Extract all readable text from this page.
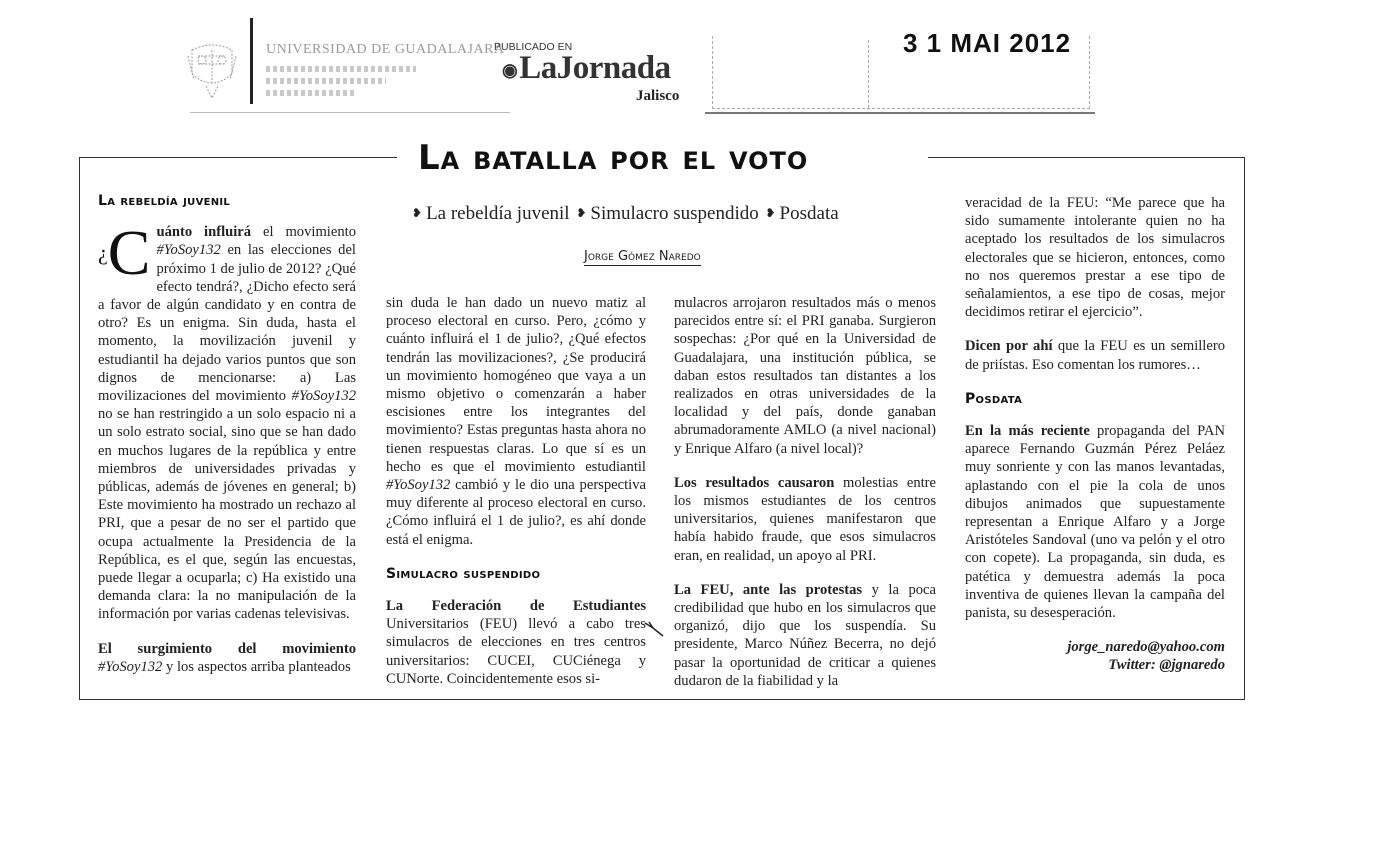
UNIVERSIDAD DE GUADALAJARA
PUBLICADO EN
◉LaJornada
Jalisco
3 1 MAI 2012
La batalla por el voto
❥ La rebeldía juvenil ❥ Simulacro suspendido ❥ Posdata
Jorge Gómez Naredo
La rebeldía juvenil

¿C uánto influirá el movimiento #YoSoy132 en las elecciones del próximo 1 de julio de 2012? ¿Qué efecto tendrá?, ¿Dicho efecto será a favor de algún candidato y en contra de otro? Es un enigma. Sin duda, hasta el momento, la movilización juvenil y estudiantil ha dejado varios puntos que son dignos de mencionarse: a) Las movilizaciones del movimiento #YoSoy132 no se han restringido a un solo espacio ni a un solo estrato social, sino que se han dado en muchos lugares de la república y entre miembros de universidades privadas y públicas, además de jóvenes en general; b) Este movimiento ha mostrado un rechazo al PRI, que a pesar de no ser el partido que ocupa actualmente la Presidencia de la República, es el que, según las encuestas, puede llegar a ocuparla; c) Ha existido una demanda clara: la no manipulación de la información por varias cadenas televisivas.

El surgimiento del movimiento #YoSoy132 y los aspectos arriba planteados

sin duda le han dado un nuevo matiz al proceso electoral en curso. Pero, ¿cómo y cuánto influirá el 1 de julio?, ¿Qué efectos tendrán las movilizaciones?, ¿Se producirá un movimiento homogéneo que vaya a un mismo objetivo o comenzarán a haber escisiones entre los integrantes del movimiento? Estas preguntas hasta ahora no tienen respuestas claras. Lo que sí es un hecho es que el movimiento estudiantil #YoSoy132 cambió y le dio una perspectiva muy diferente al proceso electoral en curso. ¿Cómo influirá el 1 de julio?, es ahí donde está el enigma.

Simulacro suspendido

La Federación de Estudiantes Universitarios (FEU) llevó a cabo tres simulacros de elecciones en tres centros universitarios: CUCEI, CUCiénega y CUNorte. Coincidentemente esos si-

mulacros arrojaron resultados más o menos parecidos entre sí: el PRI ganaba. Surgieron sospechas: ¿Por qué en la Universidad de Guadalajara, una institución pública, se daban estos resultados tan distantes a los realizados en otras universidades de la localidad y del país, donde ganaban abrumadoramente AMLO (a nivel nacional) y Enrique Alfaro (a nivel local)?

Los resultados causaron molestias entre los mismos estudiantes de los centros universitarios, quienes manifestaron que había habido fraude, que esos simulacros eran, en realidad, un apoyo al PRI.

La FEU, ante las protestas y la poca credibilidad que hubo en los simulacros que organizó, dijo que los suspendía. Su presidente, Marco Núñez Becerra, no dejó pasar la oportunidad de criticar a quienes dudaron de la fiabilidad y la

veracidad de la FEU: “Me parece que ha sido sumamente intolerante quien no ha aceptado los resultados de los simulacros electorales que se hicieron, entonces, como no nos queremos prestar a ese tipo de señalamientos, a ese tipo de cosas, mejor decidimos retirar el ejercicio”.

Dicen por ahí que la FEU es un semillero de priístas. Eso comentan los rumores…

Posdata

En la más reciente propaganda del PAN aparece Fernando Guzmán Pérez Peláez muy sonriente y con las manos levantadas, aplastando con el pie la cola de unos dibujos animados que supuestamente representan a Enrique Alfaro y a Jorge Aristóteles Sandoval (uno va pelón y el otro con copete). La propaganda, sin duda, es patética y demuestra además la poca inventiva de quienes llevan la campaña del panista, su desesperación.

jorge_naredo@yahoo.com

Twitter: @jgnaredo
